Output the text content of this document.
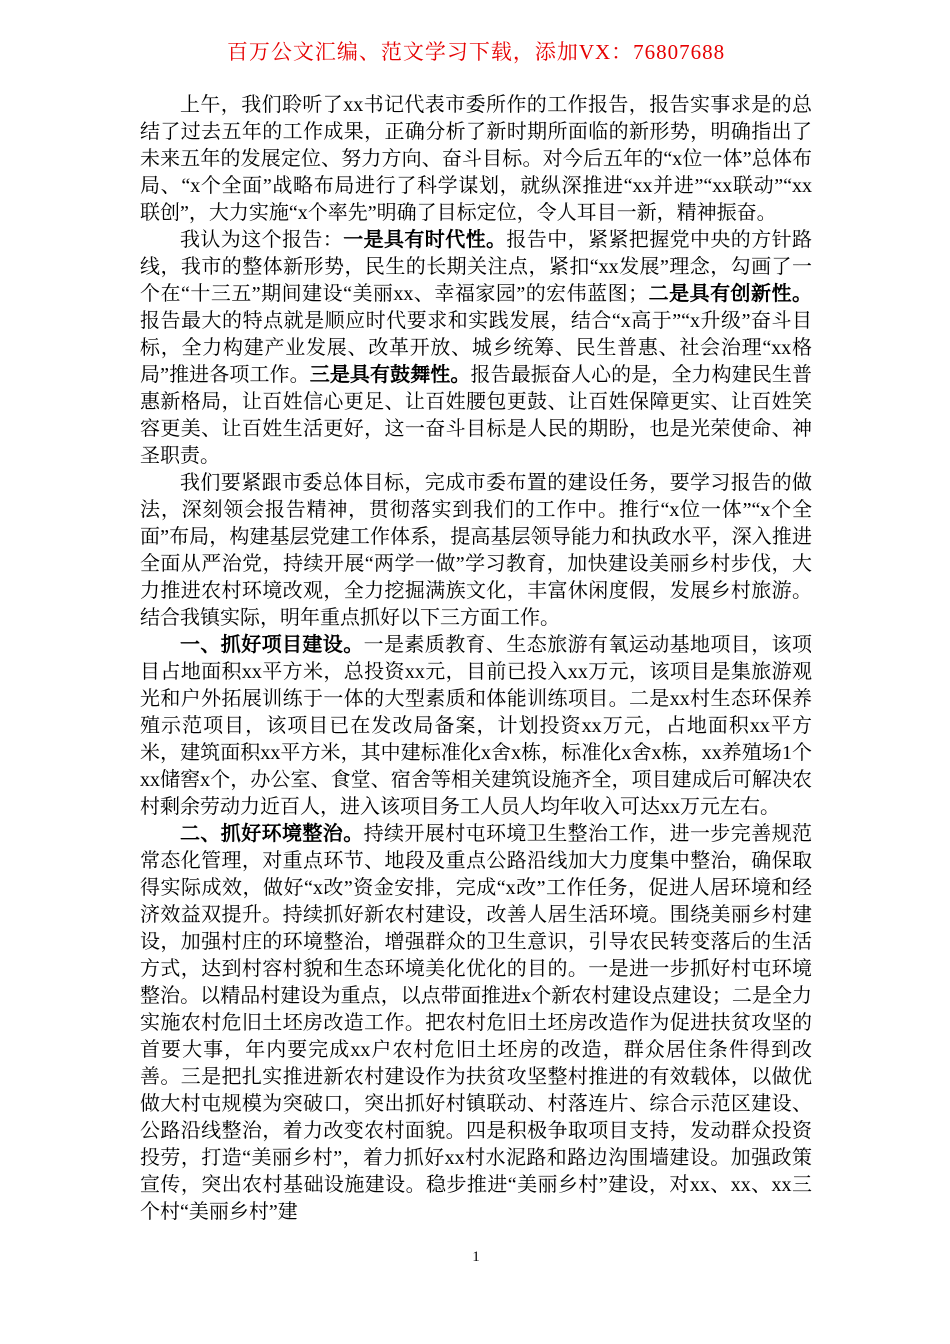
百万公文汇编、范文学习下载，添加VX：76807688

上午，我们聆听了xx书记代表市委所作的工作报告，报告实事求是的总结了过去五年的工作成果，正确分析了新时期所面临的新形势，明确指出了未来五年的发展定位、努力方向、奋斗目标。对今后五年的“x位一体”总体布局、“x个全面”战略布局进行了科学谋划，就纵深推进“xx并进”“xx联动”“xx联创”，大力实施“x个率先”明确了目标定位，令人耳目一新，精神振奋。

我认为这个报告：一是具有时代性。报告中，紧紧把握党中央的方针路线，我市的整体新形势，民生的长期关注点，紧扣“xx发展”理念，勾画了一个在“十三五”期间建设“美丽xx、幸福家园”的宏伟蓝图；二是具有创新性。报告最大的特点就是顺应时代要求和实践发展，结合“x高于”“x升级”奋斗目标，全力构建产业发展、改革开放、城乡统筹、民生普惠、社会治理“xx格局”推进各项工作。三是具有鼓舞性。报告最振奋人心的是，全力构建民生普惠新格局，让百姓信心更足、让百姓腰包更鼓、让百姓保障更实、让百姓笑容更美、让百姓生活更好，这一奋斗目标是人民的期盼，也是光荣使命、神圣职责。

我们要紧跟市委总体目标，完成市委布置的建设任务，要学习报告的做法，深刻领会报告精神，贯彻落实到我们的工作中。推行“x位一体”“x个全面”布局，构建基层党建工作体系，提高基层领导能力和执政水平，深入推进全面从严治党，持续开展“两学一做”学习教育，加快建设美丽乡村步伐，大力推进农村环境改观，全力挖掘满族文化，丰富休闲度假，发展乡村旅游。结合我镇实际，明年重点抓好以下三方面工作。

一、抓好项目建设。一是素质教育、生态旅游有氧运动基地项目，该项目占地面积xx平方米，总投资xx元，目前已投入xx万元，该项目是集旅游观光和户外拓展训练于一体的大型素质和体能训练项目。二是xx村生态环保养殖示范项目，该项目已在发改局备案，计划投资xx万元，占地面积xx平方米，建筑面积xx平方米，其中建标准化x舍x栋，标准化x舍x栋，xx养殖场1个xx储窖x个，办公室、食堂、宿舍等相关建筑设施齐全，项目建成后可解决农村剩余劳动力近百人，进入该项目务工人员人均年收入可达xx万元左右。

二、抓好环境整治。持续开展村屯环境卫生整治工作，进一步完善规范常态化管理，对重点环节、地段及重点公路沿线加大力度集中整治，确保取得实际成效，做好“x改”资金安排，完成“x改”工作任务，促进人居环境和经济效益双提升。持续抓好新农村建设，改善人居生活环境。围绕美丽乡村建设，加强村庄的环境整治，增强群众的卫生意识，引导农民转变落后的生活方式，达到村容村貌和生态环境美化优化的目的。一是进一步抓好村屯环境整治。以精品村建设为重点，以点带面推进x个新农村建设点建设；二是全力实施农村危旧土坯房改造工作。把农村危旧土坯房改造作为促进扶贫攻坚的首要大事，年内要完成xx户农村危旧土坯房的改造，群众居住条件得到改善。三是把扎实推进新农村建设作为扶贫攻坚整村推进的有效载体，以做优做大村屯规模为突破口，突出抓好村镇联动、村落连片、综合示范区建设、公路沿线整治，着力改变农村面貌。四是积极争取项目支持，发动群众投资投劳，打造“美丽乡村”，着力抓好xx村水泥路和路边沟围墙建设。加强政策宣传，突出农村基础设施建设。稳步推进“美丽乡村”建设，对xx、xx、xx三个村“美丽乡村”建

1
